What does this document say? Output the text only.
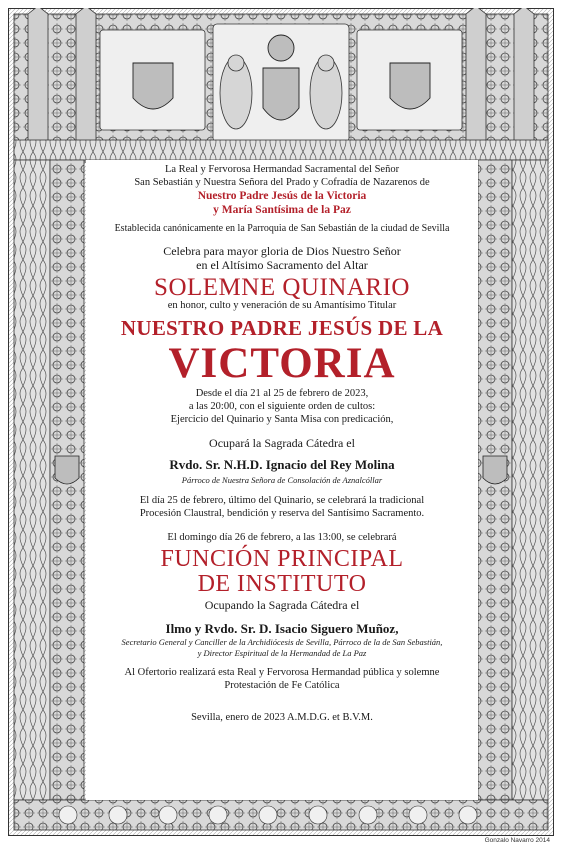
La Real y Fervorosa Hermandad Sacramental del Señor
San Sebastián y Nuestra Señora del Prado y Cofradía de Nazarenos de
Nuestro Padre Jesús de la Victoria
y María Santísima de la Paz
Establecida canónicamente en la Parroquia de San Sebastián de la ciudad de Sevilla
Celebra para mayor gloria de Dios Nuestro Señor
en el Altísimo Sacramento del Altar
SOLEMNE QUINARIO
en honor, culto y veneración de su Amantísimo Titular
NUESTRO PADRE JESÚS DE LA
VICTORIA
Desde el día 21 al 25 de febrero de 2023,
a las 20:00, con el siguiente orden de cultos:
Ejercicio del Quinario y Santa Misa con predicación,
Ocupará la Sagrada Cátedra el
Rvdo. Sr. N.H.D. Ignacio del Rey Molina
Párroco de Nuestra Señora de Consolación de Aznalcóllar
El día 25 de febrero, último del Quinario, se celebrará la tradicional
Procesión Claustral, bendición y reserva del Santísimo Sacramento.
El domingo día 26 de febrero, a las 13:00, se celebrará
FUNCIÓN PRINCIPAL
DE INSTITUTO
Ocupando la Sagrada Cátedra el
Ilmo y Rvdo. Sr. D. Isacio Siguero Muñoz,
Secretario General y Canciller de la Archidiócesis de Sevilla, Párroco de la de San Sebastián,
y Director Espiritual de la Hermandad de La Paz
Al Ofertorio realizará esta Real y Fervorosa Hermandad pública y solemne
Protestación de Fe Católica
Sevilla, enero de 2023 A.M.D.G. et B.V.M.
Gonzalo Navarro 2014
